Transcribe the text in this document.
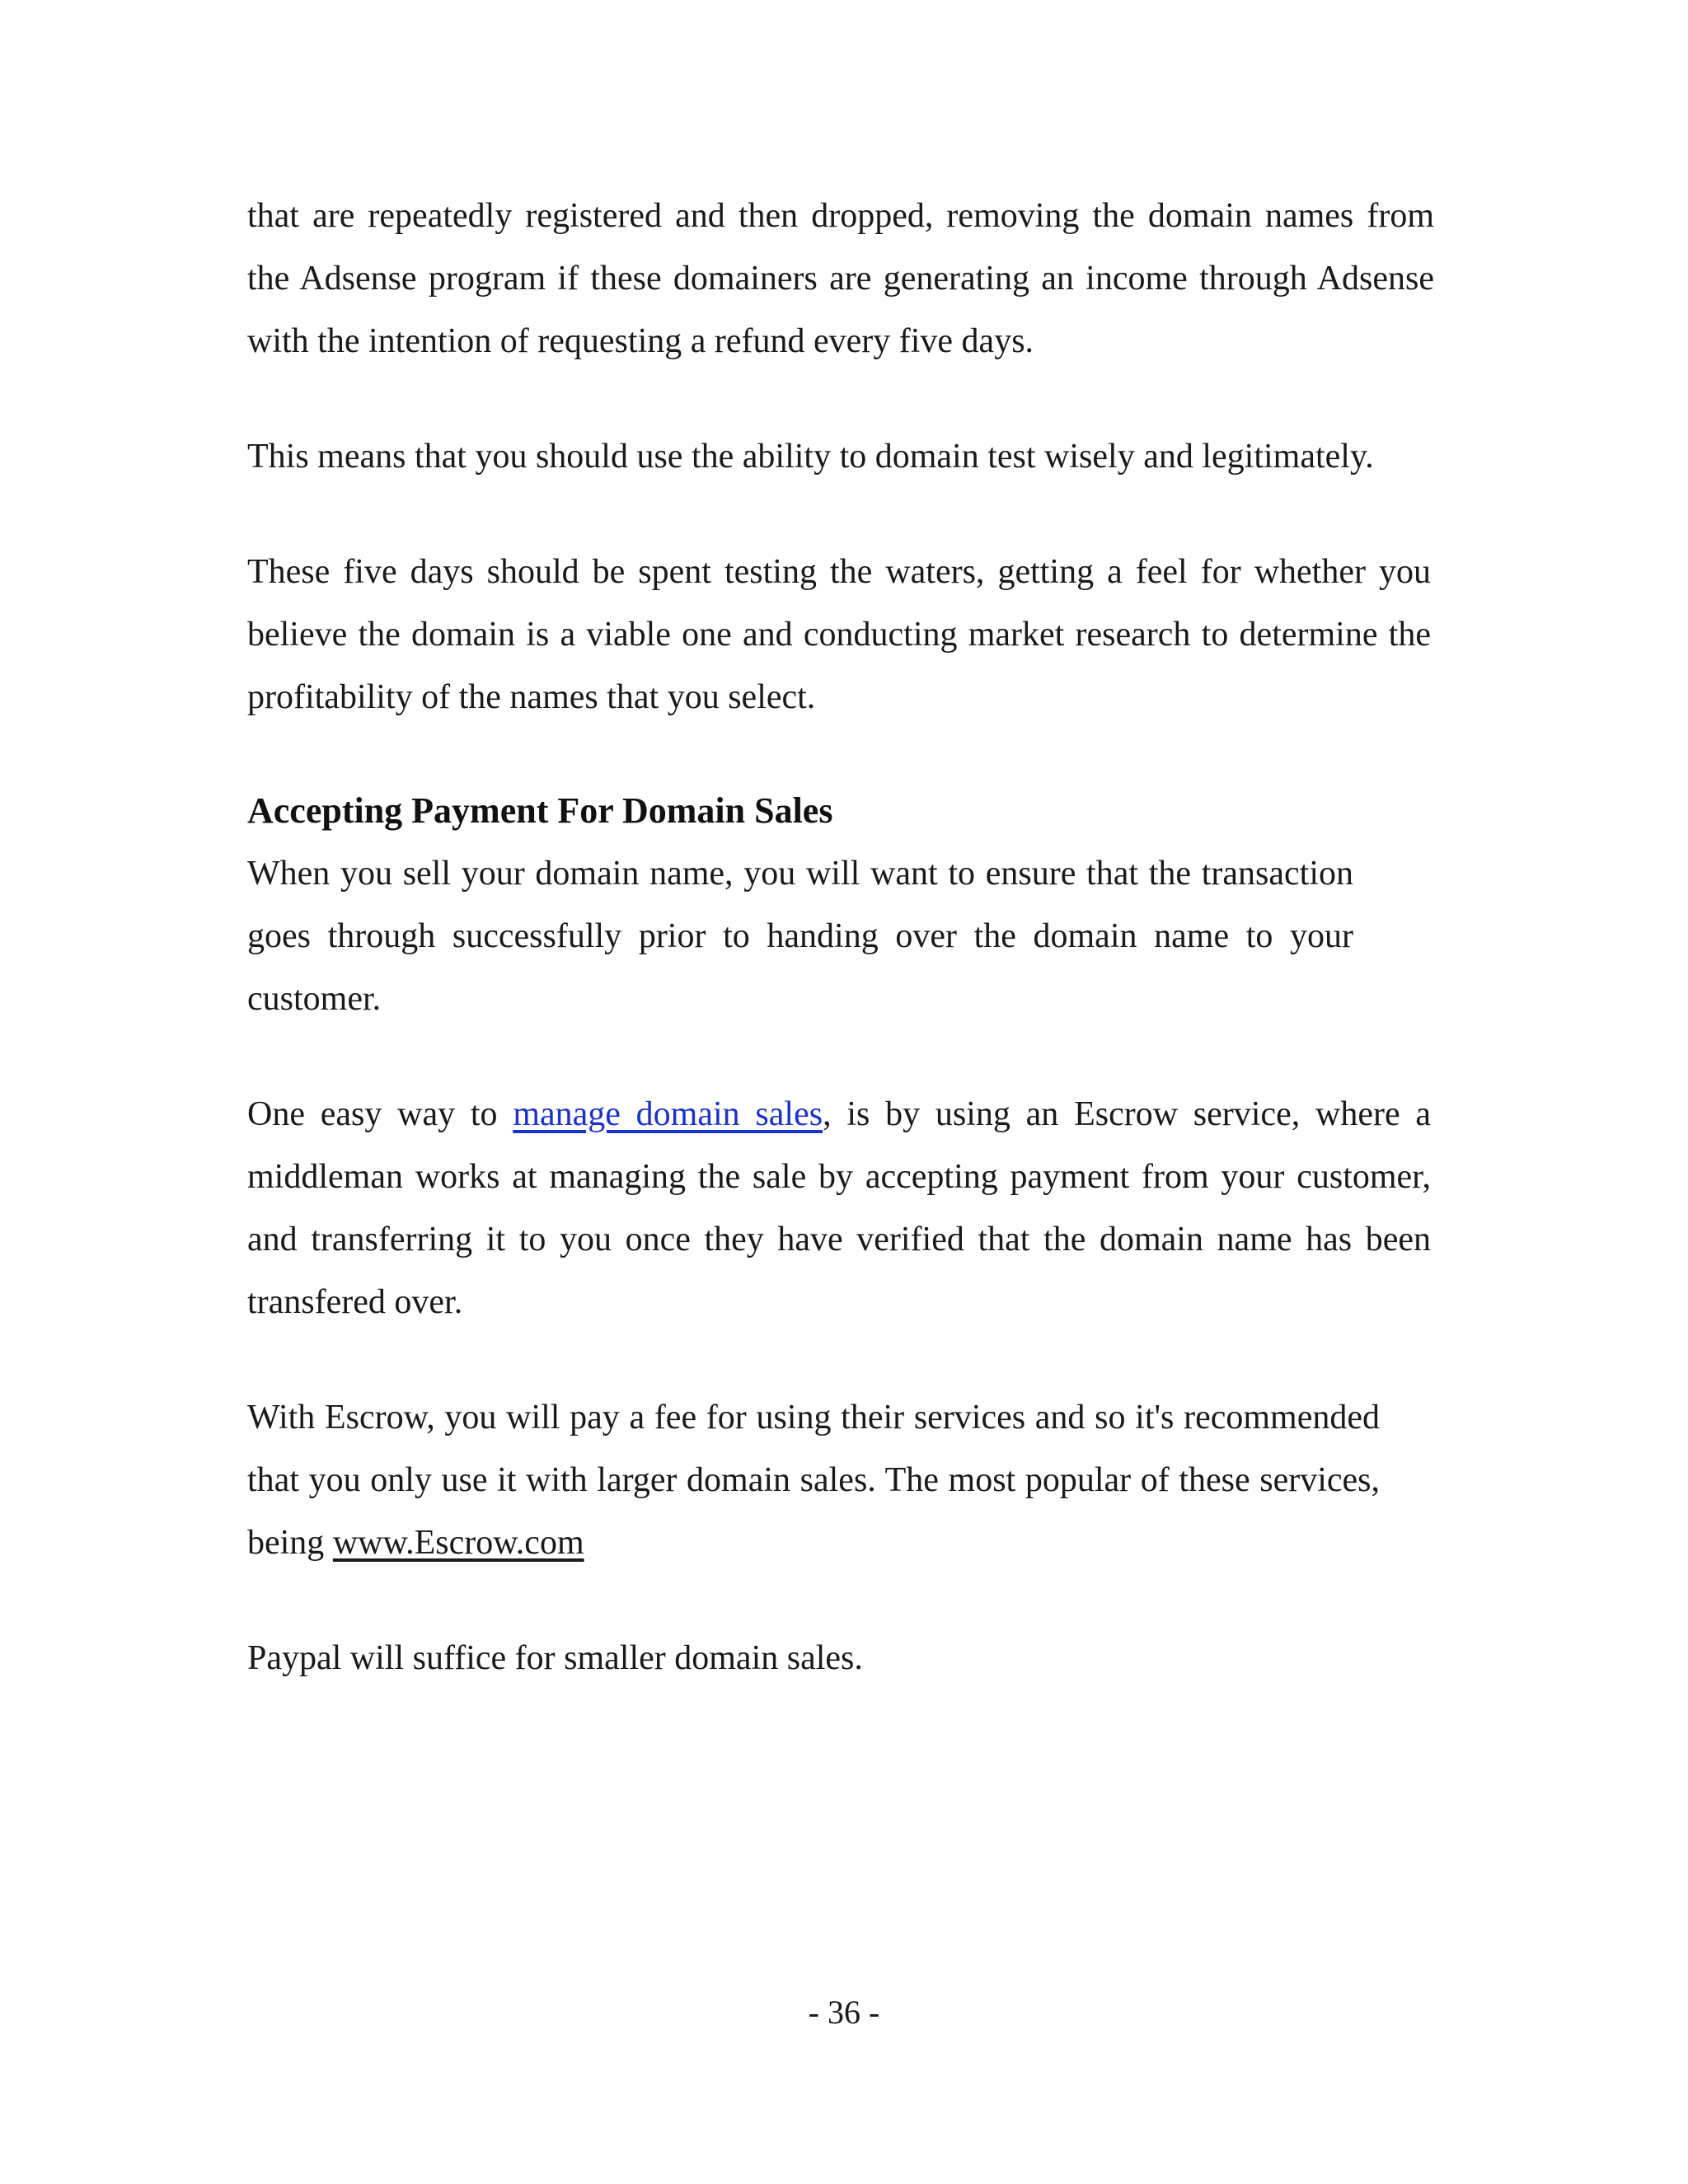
that are repeatedly registered and then dropped, removing the domain names from the Adsense program if these domainers are generating an income through Adsense with the intention of requesting a refund every five days.

This means that you should use the ability to domain test wisely and legitimately.

These five days should be spent testing the waters, getting a feel for whether you believe the domain is a viable one and conducting market research to determine the profitability of the names that you select.

Accepting Payment For Domain Sales

When you sell your domain name, you will want to ensure that the transaction goes through successfully prior to handing over the domain name to your customer.

One easy way to manage domain sales, is by using an Escrow service, where a middleman works at managing the sale by accepting payment from your customer, and transferring it to you once they have verified that the domain name has been transfered over.

With Escrow, you will pay a fee for using their services and so it's recommended that you only use it with larger domain sales. The most popular of these services, being www.Escrow.com

Paypal will suffice for smaller domain sales.

- 36 -
